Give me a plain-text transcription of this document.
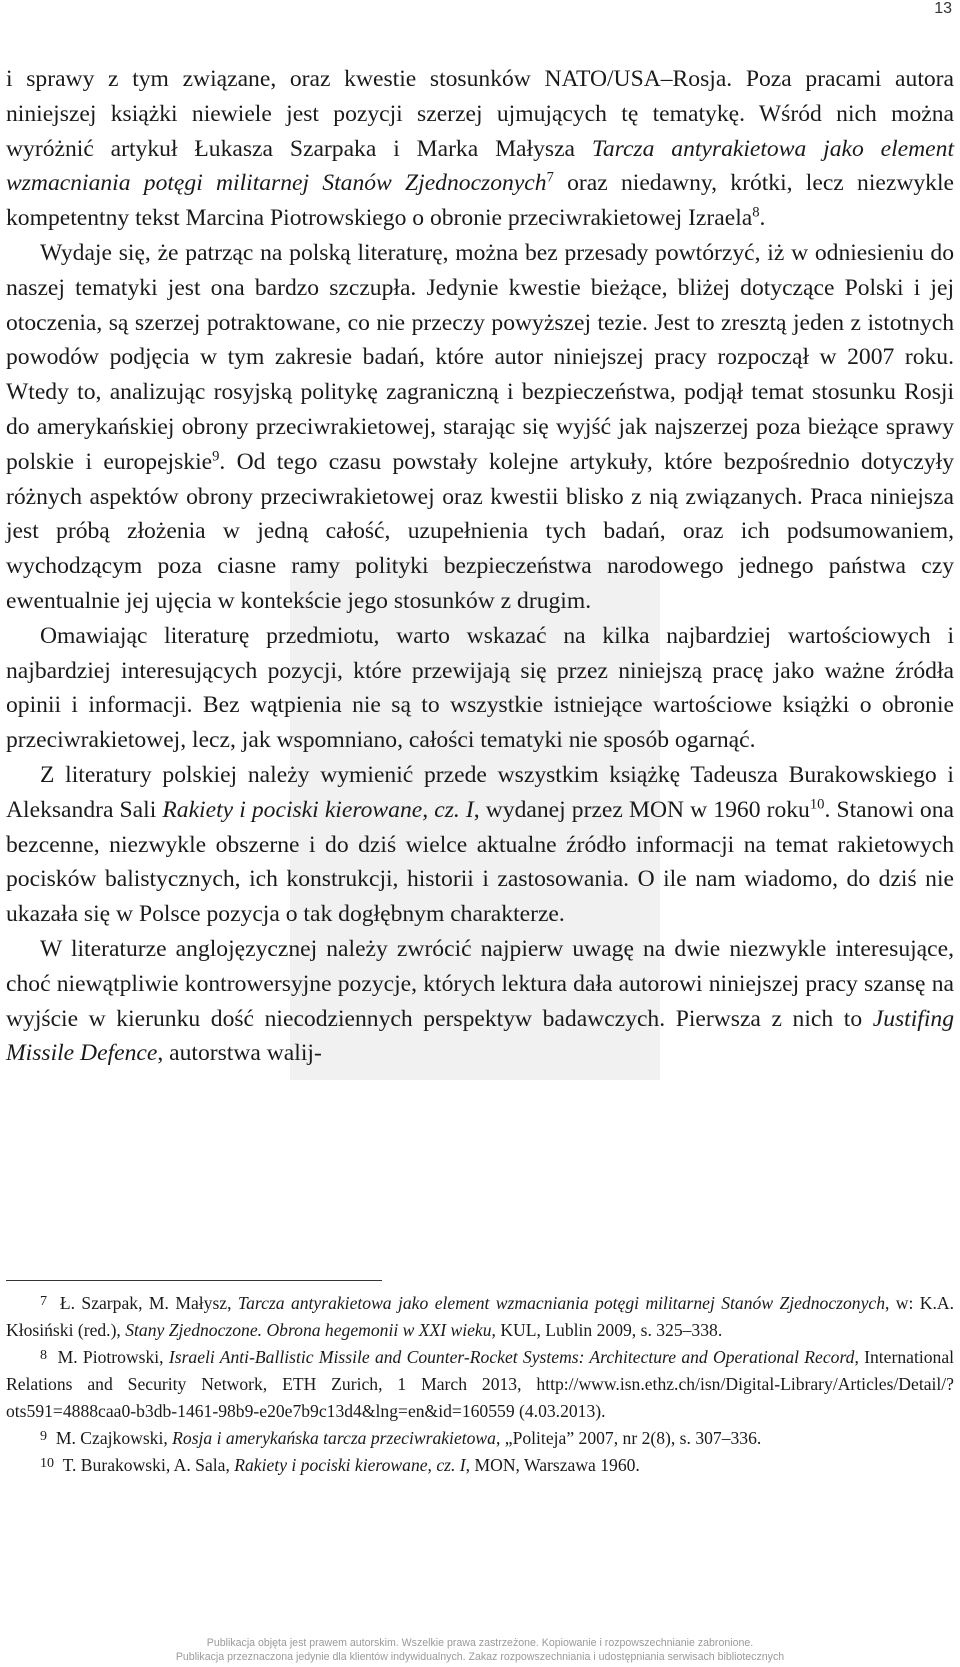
13

i sprawy z tym związane, oraz kwestie stosunków NATO/USA–Rosja. Poza pracami autora niniejszej książki niewiele jest pozycji szerzej ujmujących tę tematykę. Wśród nich można wyróżnić artykuł Łukasza Szarpaka i Marka Małysza Tarcza antyrakietowa jako element wzmacniania potęgi militarnej Stanów Zjednoczonych$^7$ oraz niedawny, krótki, lecz niezwykle kompetentny tekst Marcina Piotrowskiego o obronie przeciwrakietowej Izraela$^8$.

Wydaje się, że patrząc na polską literaturę, można bez przesady powtórzyć, iż w odniesieniu do naszej tematyki jest ona bardzo szczupła. Jedynie kwestie bieżące, bliżej dotyczące Polski i jej otoczenia, są szerzej potraktowane, co nie przeczy powyższej tezie. Jest to zresztą jeden z istotnych powodów podjęcia w tym zakresie badań, które autor niniejszej pracy rozpoczął w 2007 roku. Wtedy to, analizując rosyjską politykę zagraniczną i bezpieczeństwa, podjął temat stosunku Rosji do amerykańskiej obrony przeciwrakietowej, starając się wyjść jak najszerzej poza bieżące sprawy polskie i europejskie$^9$. Od tego czasu powstały kolejne artykuły, które bezpośrednio dotyczyły różnych aspektów obrony przeciwrakietowej oraz kwestii blisko z nią związanych. Praca niniejsza jest próbą złożenia w jedną całość, uzupełnienia tych badań, oraz ich podsumowaniem, wychodzącym poza ciasne ramy polityki bezpieczeństwa narodowego jednego państwa czy ewentualnie jej ujęcia w kontekście jego stosunków z drugim.

Omawiając literaturę przedmiotu, warto wskazać na kilka najbardziej wartościowych i najbardziej interesujących pozycji, które przewijają się przez niniejszą pracę jako ważne źródła opinii i informacji. Bez wątpienia nie są to wszystkie istniejące wartościowe książki o obronie przeciwrakietowej, lecz, jak wspomniano, całości tematyki nie sposób ogarnąć.

Z literatury polskiej należy wymienić przede wszystkim książkę Tadeusza Burakowskiego i Aleksandra Sali Rakiety i pociski kierowane, cz. I, wydanej przez MON w 1960 roku$^{10}$. Stanowi ona bezcenne, niezwykle obszerne i do dziś wielce aktualne źródło informacji na temat rakietowych pocisków balistycznych, ich konstrukcji, historii i zastosowania. O ile nam wiadomo, do dziś nie ukazała się w Polsce pozycja o tak dogłębnym charakterze.

W literaturze anglojęzycznej należy zwrócić najpierw uwagę na dwie niezwykle interesujące, choć niewątpliwie kontrowersyjne pozycje, których lektura dała autorowi niniejszej pracy szansę na wyjście w kierunku dość niecodziennych perspektyw badawczych. Pierwsza z nich to Justifing Missile Defence, autorstwa walij-

$^7$ Ł. Szarpak, M. Małysz, Tarcza antyrakietowa jako element wzmacniania potęgi militarnej Stanów Zjednoczonych, w: K.A. Kłosiński (red.), Stany Zjednoczone. Obrona hegemonii w XXI wieku, KUL, Lublin 2009, s. 325–338.

$^8$ M. Piotrowski, Israeli Anti-Ballistic Missile and Counter-Rocket Systems: Architecture and Operational Record, International Relations and Security Network, ETH Zurich, 1 March 2013, http://www.isn.ethz.ch/isn/Digital-Library/Articles/Detail/?ots591=4888caa0-b3db-1461-98b9-e20e7b9c13d4&lng=en&id=160559 (4.03.2013).

$^9$ M. Czajkowski, Rosja i amerykańska tarcza przeciwrakietowa, „Politeja” 2007, nr 2(8), s. 307–336.

$^{10}$ T. Burakowski, A. Sala, Rakiety i pociski kierowane, cz. I, MON, Warszawa 1960.

Publikacja objęta jest prawem autorskim. Wszelkie prawa zastrzeżone. Kopiowanie i rozpowszechnianie zabronione.
Publikacja przeznaczona jedynie dla klientów indywidualnych. Zakaz rozpowszechniania i udostępniania serwisach bibliotecznych
